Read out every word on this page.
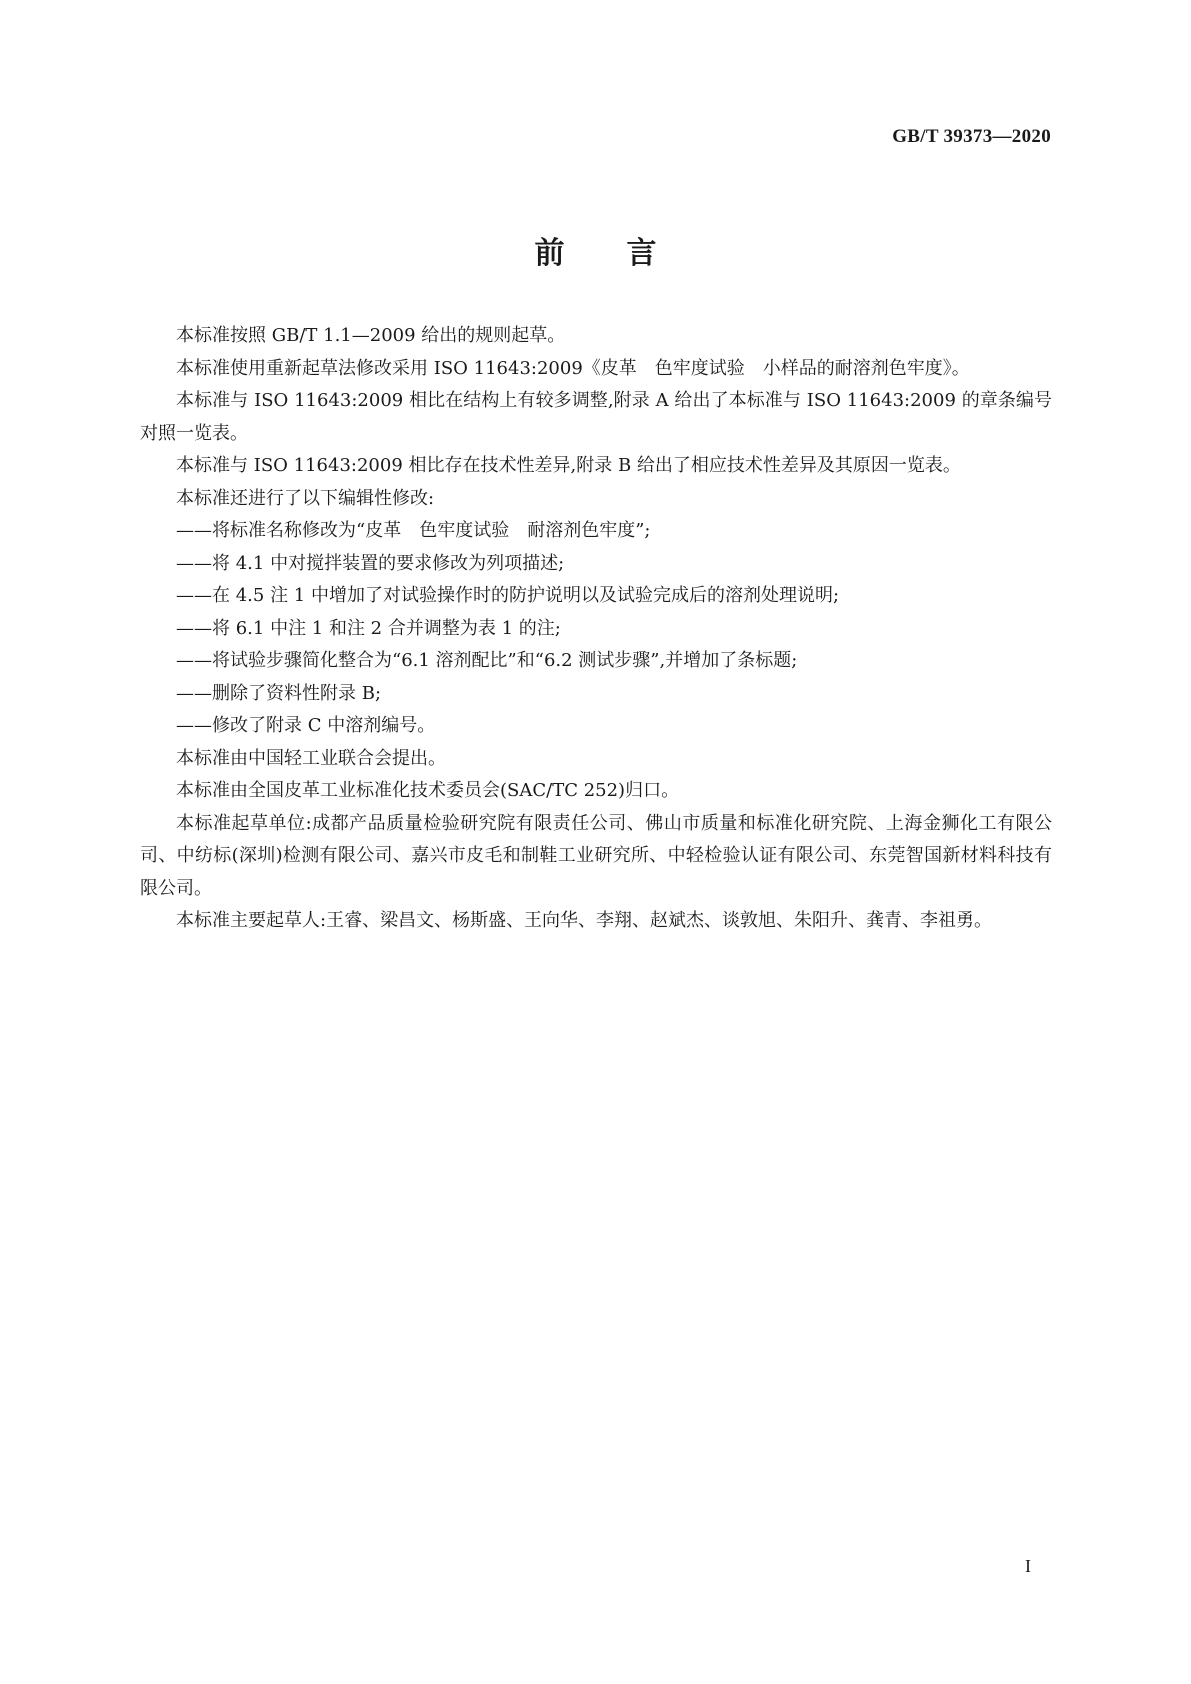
GB/T 39373—2020
前言

本标准按照 GB/T 1.1—2009 给出的规则起草。

本标准使用重新起草法修改采用 ISO 11643:2009《皮革　色牢度试验　小样品的耐溶剂色牢度》。

本标准与 ISO 11643:2009 相比在结构上有较多调整,附录 A 给出了本标准与 ISO 11643:2009 的章条编号对照一览表。

本标准与 ISO 11643:2009 相比存在技术性差异,附录 B 给出了相应技术性差异及其原因一览表。

本标准还进行了以下编辑性修改:

——将标准名称修改为“皮革　色牢度试验　耐溶剂色牢度”;

——将 4.1 中对搅拌装置的要求修改为列项描述;

——在 4.5 注 1 中增加了对试验操作时的防护说明以及试验完成后的溶剂处理说明;

——将 6.1 中注 1 和注 2 合并调整为表 1 的注;

——将试验步骤简化整合为“6.1 溶剂配比”和“6.2 测试步骤”,并增加了条标题;

——删除了资料性附录 B;

——修改了附录 C 中溶剂编号。

本标准由中国轻工业联合会提出。

本标准由全国皮革工业标准化技术委员会(SAC/TC 252)归口。

本标准起草单位:成都产品质量检验研究院有限责任公司、佛山市质量和标准化研究院、上海金狮化工有限公司、中纺标(深圳)检测有限公司、嘉兴市皮毛和制鞋工业研究所、中轻检验认证有限公司、东莞智国新材料科技有限公司。

本标准主要起草人:王睿、梁昌文、杨斯盛、王向华、李翔、赵斌杰、谈敦旭、朱阳升、龚青、李祖勇。

I
